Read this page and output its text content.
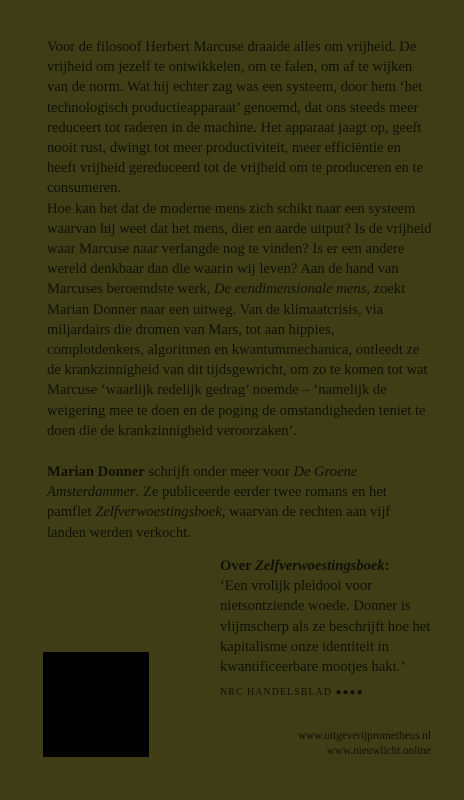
Voor de filosoof Herbert Marcuse draaide alles om vrijheid. De vrijheid om jezelf te ontwikkelen, om te falen, om af te wijken van de norm. Wat hij echter zag was een systeem, door hem ‘het technologisch productieapparaat’ genoemd, dat ons steeds meer reduceert tot raderen in de machine. Het apparaat jaagt op, geeft nooit rust, dwingt tot meer productiviteit, meer efficiëntie en heeft vrijheid gereduceerd tot de vrijheid om te produceren en te consumeren.

Hoe kan het dat de moderne mens zich schikt naar een systeem waarvan hij weet dat het mens, dier en aarde uitput? Is de vrijheid waar Marcuse naar verlangde nog te vinden? Is er een andere wereld denkbaar dan die waarin wij leven? Aan de hand van Marcuses beroemdste werk, De eendimensionale mens, zoekt Marian Donner naar een uitweg. Van de klimaatcrisis, via miljardairs die dromen van Mars, tot aan hippies, complotdenkers, algoritmen en kwantummechanica, ontleedt ze de krankzinnigheid van dit tijdsgewricht, om zo te komen tot wat Marcuse ‘waarlijk redelijk gedrag’ noemde – ‘namelijk de weigering mee te doen en de poging de omstandigheden teniet te doen die de krankzinnigheid veroorzaken’.

Marian Donner schrijft onder meer voor De Groene Amsterdammer. Ze publiceerde eerder twee romans en het pamflet Zelfverwoestingsboek, waarvan de rechten aan vijf landen werden verkocht.

Over Zelfverwoestingsboek:

‘Een vrolijk pleidooi voor nietsontziende woede. Donner is vlijmscherp als ze beschrijft hoe het kapitalisme onze identiteit in kwantificeerbare mootjes hakt.’

NRC HANDELSBLAD ●●●●

www.uitgeverijprometheus.nl
www.nieuwlicht.online
